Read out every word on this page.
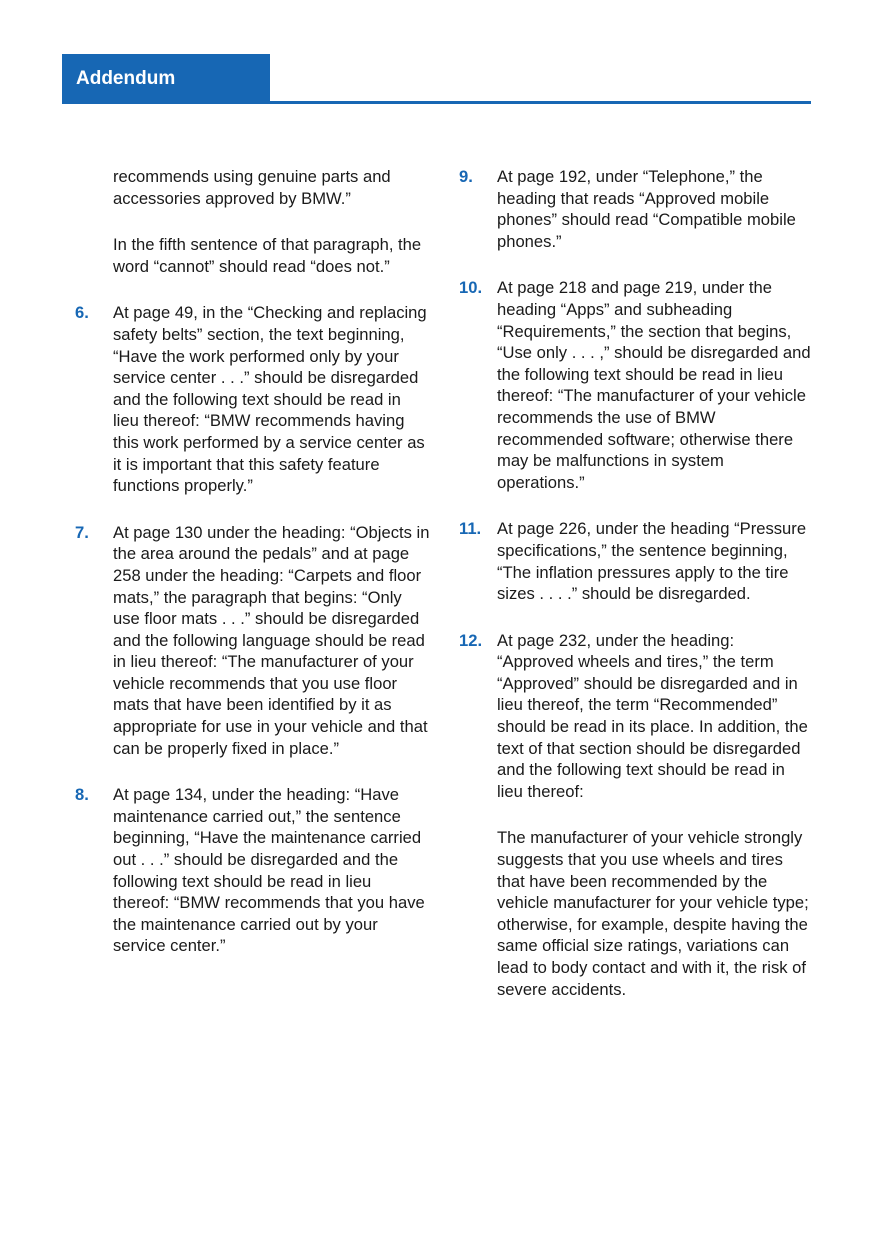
Addendum
recommends using genuine parts and accessories approved by BMW.”
In the fifth sentence of that paragraph, the word “cannot” should read “does not.”
6. At page 49, in the “Checking and replacing safety belts” section, the text beginning, “Have the work performed only by your service center . . .” should be disregarded and the following text should be read in lieu thereof: “BMW recommends having this work performed by a service center as it is important that this safety feature functions properly.”
7. At page 130 under the heading: “Objects in the area around the pedals” and at page 258 under the heading: “Carpets and floor mats,” the paragraph that begins: “Only use floor mats . . .” should be disregarded and the following language should be read in lieu thereof: “The manufacturer of your vehicle recommends that you use floor mats that have been identified by it as appropriate for use in your vehicle and that can be properly fixed in place.”
8. At page 134, under the heading: “Have maintenance carried out,” the sentence beginning, “Have the maintenance carried out . . .” should be disregarded and the following text should be read in lieu thereof: “BMW recommends that you have the maintenance carried out by your service center.”
9. At page 192, under “Telephone,” the heading that reads “Approved mobile phones” should read “Compatible mobile phones.”
10. At page 218 and page 219, under the heading “Apps” and subheading “Requirements,” the section that begins, “Use only . . . ,” should be disregarded and the following text should be read in lieu thereof: “The manufacturer of your vehicle recommends the use of BMW recommended software; otherwise there may be malfunctions in system operations.”
11. At page 226, under the heading “Pressure specifications,” the sentence beginning, “The inflation pressures apply to the tire sizes . . . .” should be disregarded.
12. At page 232, under the heading: “Approved wheels and tires,” the term “Approved” should be disregarded and in lieu thereof, the term “Recommended” should be read in its place. In addition, the text of that section should be disregarded and the following text should be read in lieu thereof:
The manufacturer of your vehicle strongly suggests that you use wheels and tires that have been recommended by the vehicle manufacturer for your vehicle type; otherwise, for example, despite having the same official size ratings, variations can lead to body contact and with it, the risk of severe accidents.
